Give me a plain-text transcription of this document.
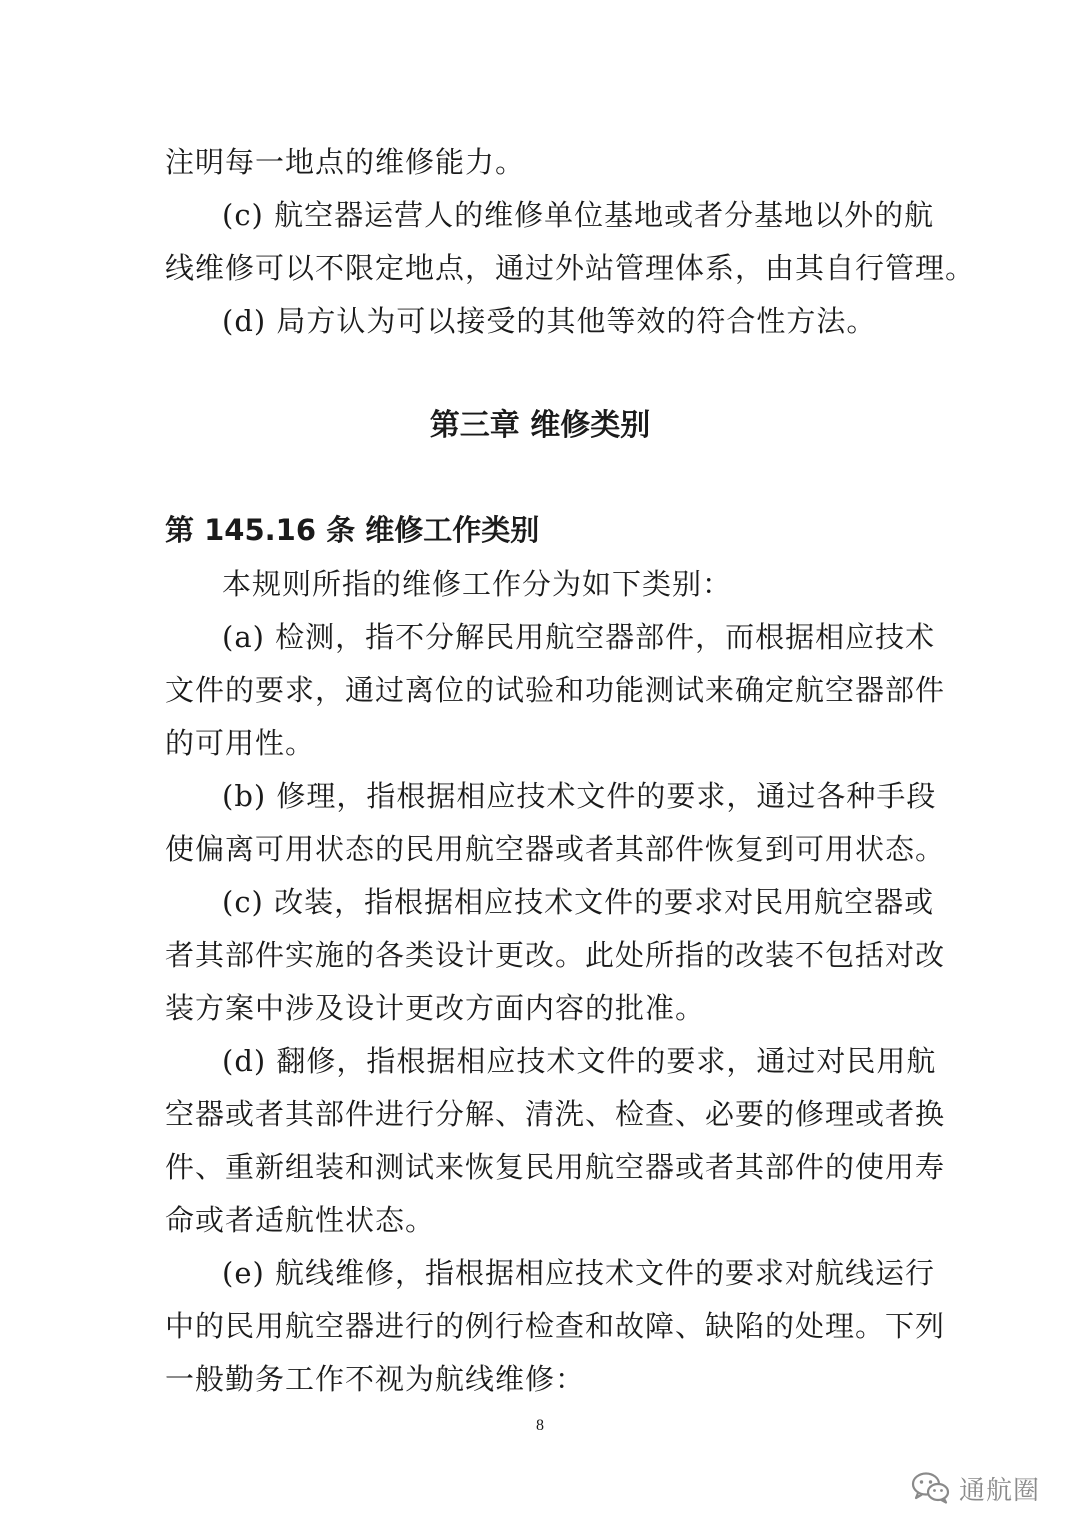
注明每一地点的维修能力。
(c) 航空器运营人的维修单位基地或者分基地以外的航
线维修可以不限定地点，通过外站管理体系，由其自行管理。
(d) 局方认为可以接受的其他等效的符合性方法。
第三章 维修类别
第 145.16 条 维修工作类别
本规则所指的维修工作分为如下类别：
(a) 检测，指不分解民用航空器部件，而根据相应技术
文件的要求，通过离位的试验和功能测试来确定航空器部件
的可用性。
(b) 修理，指根据相应技术文件的要求，通过各种手段
使偏离可用状态的民用航空器或者其部件恢复到可用状态。
(c) 改装，指根据相应技术文件的要求对民用航空器或
者其部件实施的各类设计更改。此处所指的改装不包括对改
装方案中涉及设计更改方面内容的批准。
(d) 翻修，指根据相应技术文件的要求，通过对民用航
空器或者其部件进行分解、清洗、检查、必要的修理或者换
件、重新组装和测试来恢复民用航空器或者其部件的使用寿
命或者适航性状态。
(e) 航线维修，指根据相应技术文件的要求对航线运行
中的民用航空器进行的例行检查和故障、缺陷的处理。下列
一般勤务工作不视为航线维修：
8
通航圈
